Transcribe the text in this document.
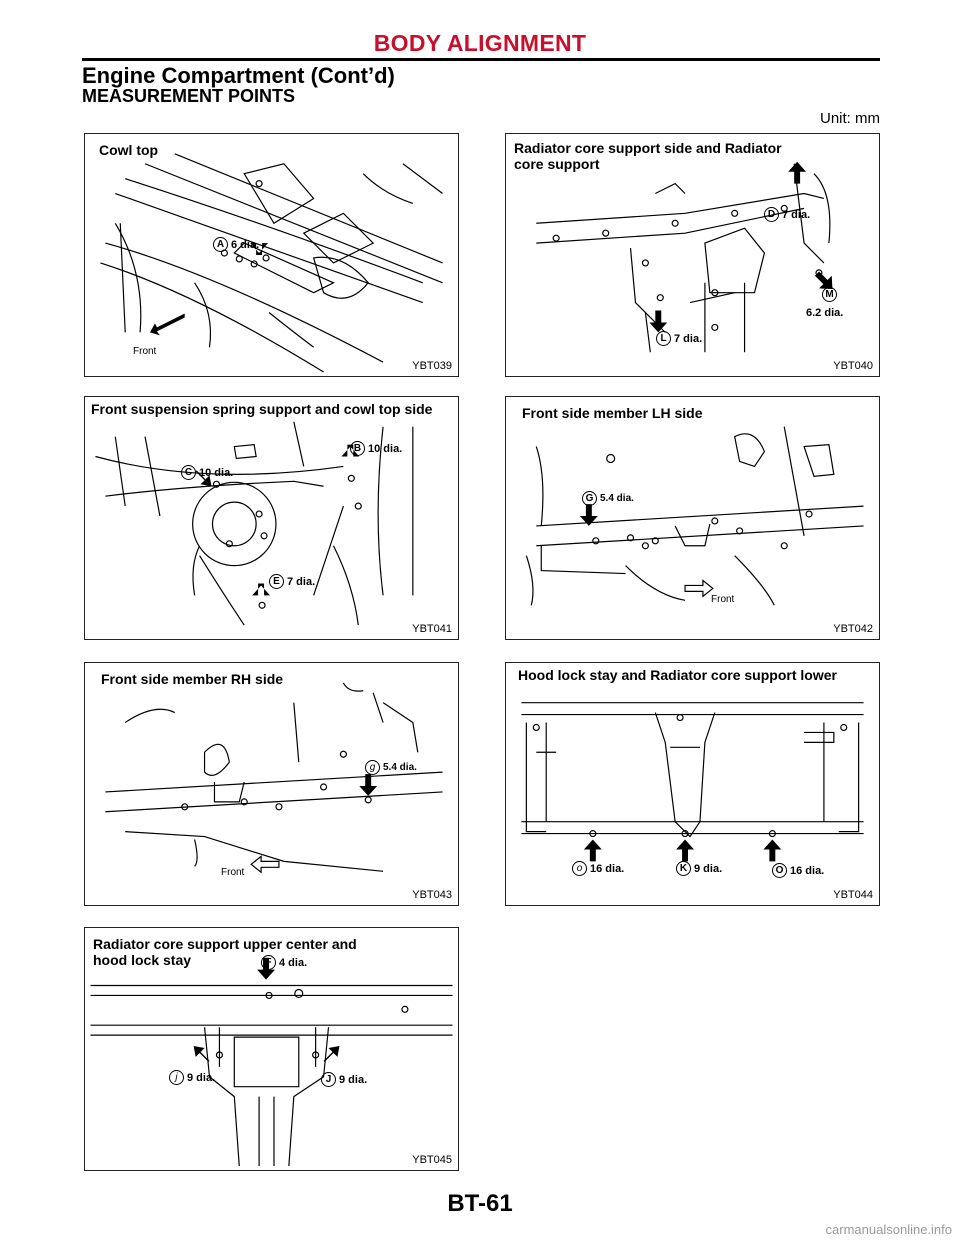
BODY ALIGNMENT
Engine Compartment (Cont’d)
MEASUREMENT POINTS
Unit: mm
Cowl top
A 6 dia.
Front
YBT039
Radiator core support side and Radiator
core support
D 7 dia.
M
6.2 dia.
L 7 dia.
YBT040
Front suspension spring support and cowl top side
B 10 dia.
C 10 dia.
E 7 dia.
YBT041
Front side member LH side
G 5.4 dia.
Front
YBT042
Front side member RH side
g 5.4 dia.
Front
YBT043
Hood lock stay and Radiator core support lower
o 16 dia.	K 9 dia.	O 16 dia.
YBT044
Radiator core support upper center and
hood lock stay	F 4 dia.
j 9 dia.	J 9 dia.
YBT045
BT-61
carmanualsonline.info
